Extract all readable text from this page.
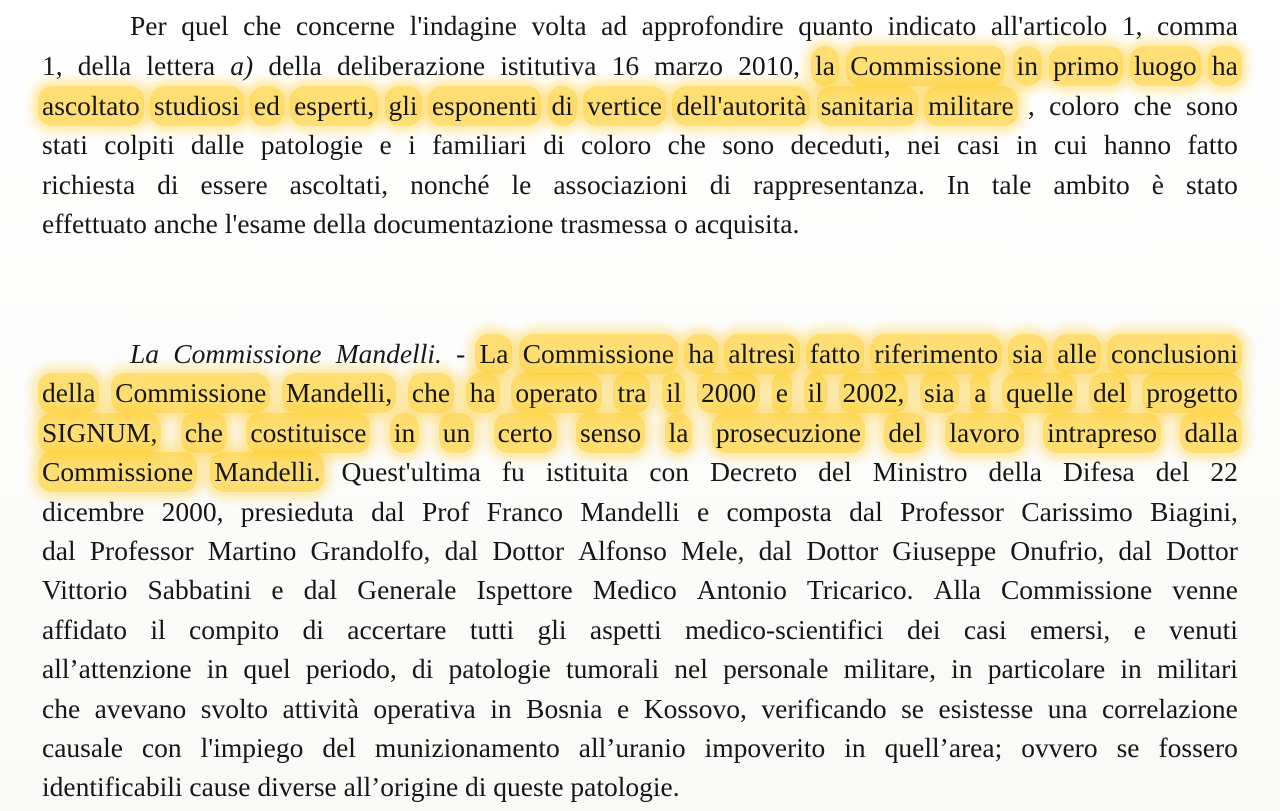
Per quel che concerne l'indagine volta ad approfondire quanto indicato all'articolo 1, comma
1, della lettera a) della deliberazione istitutiva 16 marzo 2010, la Commissione in primo luogo ha
ascoltato studiosi ed esperti, gli esponenti di vertice dell'autorità sanitaria militare , coloro che sono
stati colpiti dalle patologie e i familiari di coloro che sono deceduti, nei casi in cui hanno fatto
richiesta di essere ascoltati, nonché le associazioni di rappresentanza. In tale ambito è stato
effettuato anche l'esame della documentazione trasmessa o acquisita.
La Commissione Mandelli. - La Commissione ha altresì fatto riferimento sia alle conclusioni
della Commissione Mandelli, che ha operato tra il 2000 e il 2002, sia a quelle del progetto
SIGNUM, che costituisce in un certo senso la prosecuzione del lavoro intrapreso dalla
Commissione Mandelli. Quest'ultima fu istituita con Decreto del Ministro della Difesa del 22
dicembre 2000, presieduta dal Prof Franco Mandelli e composta dal Professor Carissimo Biagini,
dal Professor Martino Grandolfo, dal Dottor Alfonso Mele, dal Dottor Giuseppe Onufrio, dal Dottor
Vittorio Sabbatini e dal Generale Ispettore Medico Antonio Tricarico. Alla Commissione venne
affidato il compito di accertare tutti gli aspetti medico-scientifici dei casi emersi, e venuti
all’attenzione in quel periodo, di patologie tumorali nel personale militare, in particolare in militari
che avevano svolto attività operativa in Bosnia e Kossovo, verificando se esistesse una correlazione
causale con l'impiego del munizionamento all’uranio impoverito in quell’area; ovvero se fossero
identificabili cause diverse all’origine di queste patologie.
